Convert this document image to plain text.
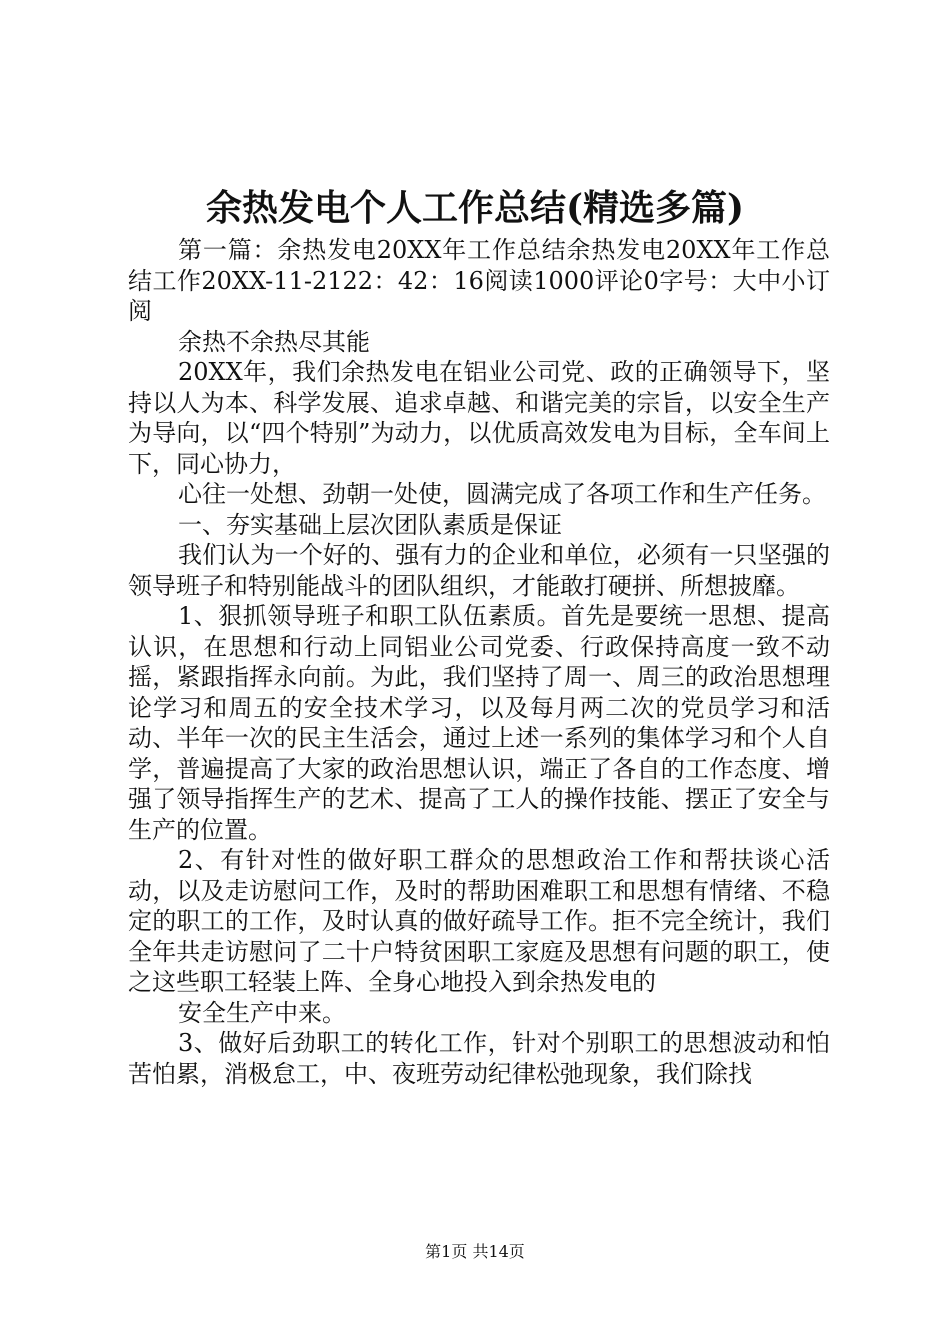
余热发电个人工作总结(精选多篇)

第一篇：余热发电20XX年工作总结余热发电20XX年工作总结工作20XX-11-2122：42：16阅读1000评论0字号：大中小订阅

余热不余热尽其能

20XX年，我们余热发电在铝业公司党、政的正确领导下，坚持以人为本、科学发展、追求卓越、和谐完美的宗旨，以安全生产为导向，以“四个特别”为动力，以优质高效发电为目标，全车间上下，同心协力，

心往一处想、劲朝一处使，圆满完成了各项工作和生产任务。

一、夯实基础上层次团队素质是保证

我们认为一个好的、强有力的企业和单位，必须有一只坚强的领导班子和特别能战斗的团队组织，才能敢打硬拼、所想披靡。

1、狠抓领导班子和职工队伍素质。首先是要统一思想、提高认识，在思想和行动上同铝业公司党委、行政保持高度一致不动摇，紧跟指挥永向前。为此，我们坚持了周一、周三的政治思想理论学习和周五的安全技术学习，以及每月两二次的党员学习和活动、半年一次的民主生活会，通过上述一系列的集体学习和个人自学，普遍提高了大家的政治思想认识，端正了各自的工作态度、增强了领导指挥生产的艺术、提高了工人的操作技能、摆正了安全与生产的位置。

2、有针对性的做好职工群众的思想政治工作和帮扶谈心活动，以及走访慰问工作，及时的帮助困难职工和思想有情绪、不稳定的职工的工作，及时认真的做好疏导工作。拒不完全统计，我们全年共走访慰问了二十户特贫困职工家庭及思想有问题的职工，使之这些职工轻装上阵、全身心地投入到余热发电的

安全生产中来。

3、做好后劲职工的转化工作，针对个别职工的思想波动和怕苦怕累，消极怠工，中、夜班劳动纪律松弛现象，我们除找

第1页 共14页
